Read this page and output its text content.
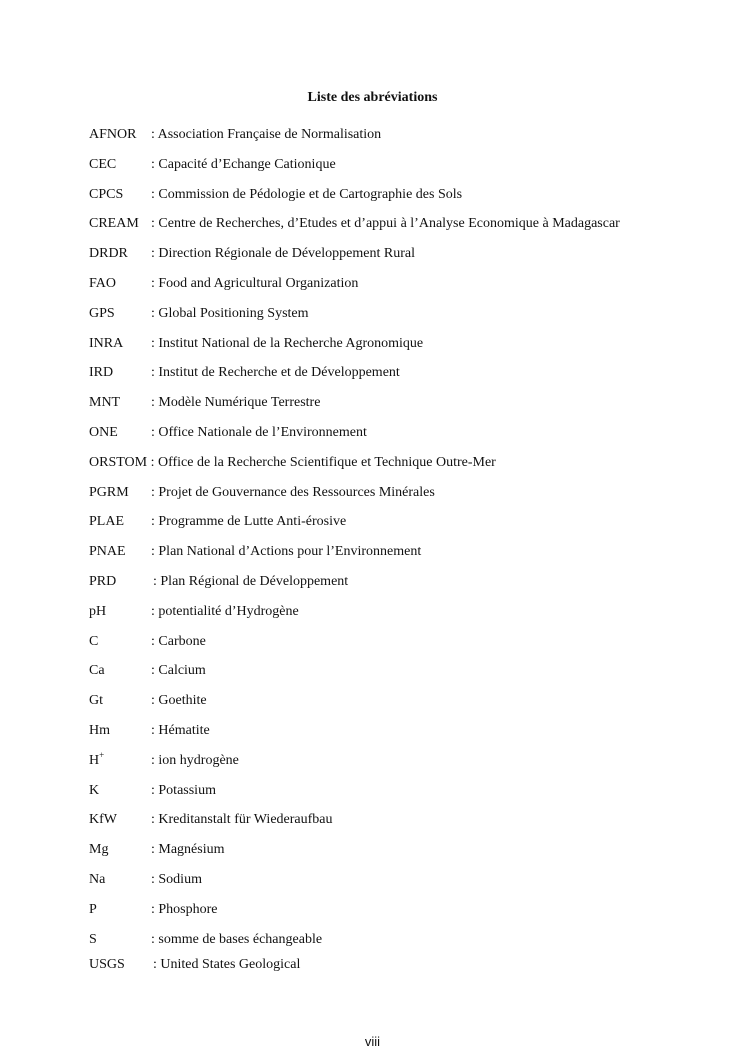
Liste des abréviations
AFNOR : Association Française de Normalisation
CEC : Capacité d’Echange Cationique
CPCS : Commission de Pédologie et de Cartographie des Sols
CREAM : Centre de Recherches, d’Etudes et d’appui à l’Analyse Economique à Madagascar
DRDR : Direction Régionale de Développement Rural
FAO	: Food and Agricultural Organization
GPS	: Global Positioning System
INRA : Institut National de la Recherche Agronomique
IRD	: Institut de Recherche et de Développement
MNT : Modèle Numérique Terrestre
ONE : Office Nationale de l’Environnement
ORSTOM : Office de la Recherche Scientifique et Technique Outre-Mer
PGRM : Projet de Gouvernance des Ressources Minérales
PLAE : Programme de Lutte Anti-érosive
PNAE : Plan National d’Actions pour l’Environnement
PRD	: Plan Régional de Développement
pH	: potentialité d’Hydrogène
C	: Carbone
Ca	: Calcium
Gt	: Goethite
Hm	: Hématite
H+	: ion hydrogène
K	: Potassium
KfW : Kreditanstalt für Wiederaufbau
Mg	: Magnésium
Na	: Sodium
P	: Phosphore
S	: somme de bases échangeable
USGS : United States Geological
viii
